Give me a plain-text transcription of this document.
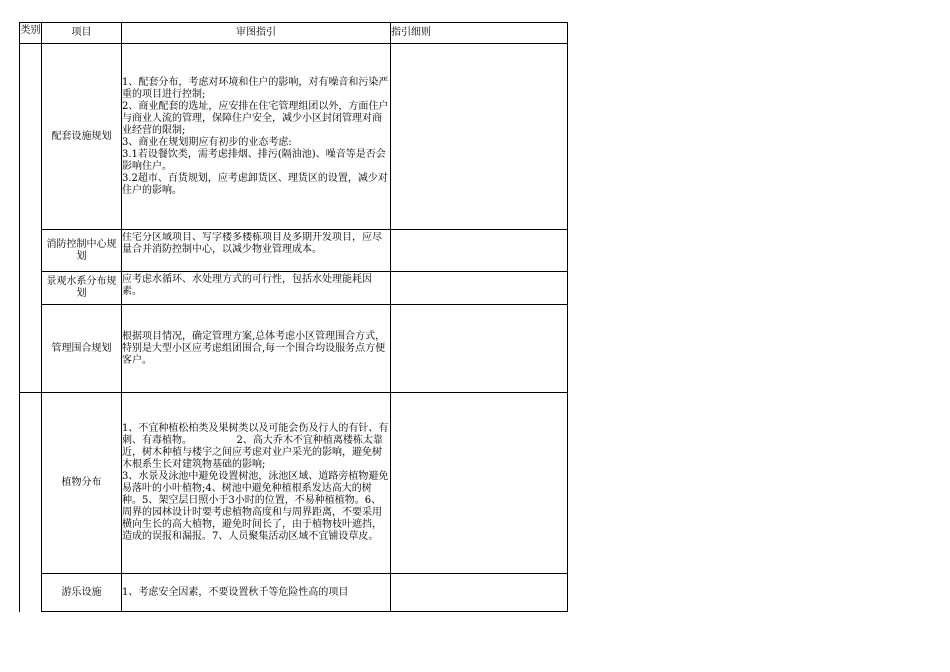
类别	项目	审图指引	指引细则
	配套设施规划	1、配套分布，考虑对环境和住户的影响，对有噪音和污染严重的项目进行控制;

2、商业配套的选址，应安排在住宅管理组团以外，方面住户与商业人流的管理，保障住户安全，减少小区封闭管理对商业经营的限制;

3、商业在规划期应有初步的业态考虑:

3.1若设餐饮类，需考虑排烟、排污(隔油池)、噪音等是否会影响住户。

3.2超市、百货规划，应考虑卸货区、理货区的设置，减少对住户的影响。	

	消防控制中心规划	住宅分区域项目、写字楼多楼栋项目及多期开发项目，应尽量合并消防控制中心，以减少物业管理成本。	

	景观水系分布规划	应考虑水循环、水处理方式的可行性，包括水处理能耗因素。	

	管理围合规划	根据项目情况，确定管理方案,总体考虑小区管理围合方式，特别是大型小区应考虑组团围合,每一个围合均设服务点方便客户。	

	植物分布	1、不宜种植松柏类及果树类以及可能会伤及行人的有针、有刺、有毒植物。              2、高大乔木不宜种植离楼栋太靠近，树木种植与楼宇之间应考虑对业户采光的影响，避免树木根系生长对建筑物基础的影响;

3、水景及泳池中避免设置树池，泳池区域、道路旁植物避免易落叶的小叶植物;4、树池中避免种植根系发达高大的树种。5、架空层日照小于3小时的位置，不易种植植物。6、周界的园林设计时要考虑植物高度和与周界距离，不要采用横向生长的高大植物，避免时间长了，由于植物枝叶遮挡，造成的误报和漏报。7、人员聚集活动区域不宜铺设草皮。	

	游乐设施	1、考虑安全因素，不要设置秋千等危险性高的项目	
